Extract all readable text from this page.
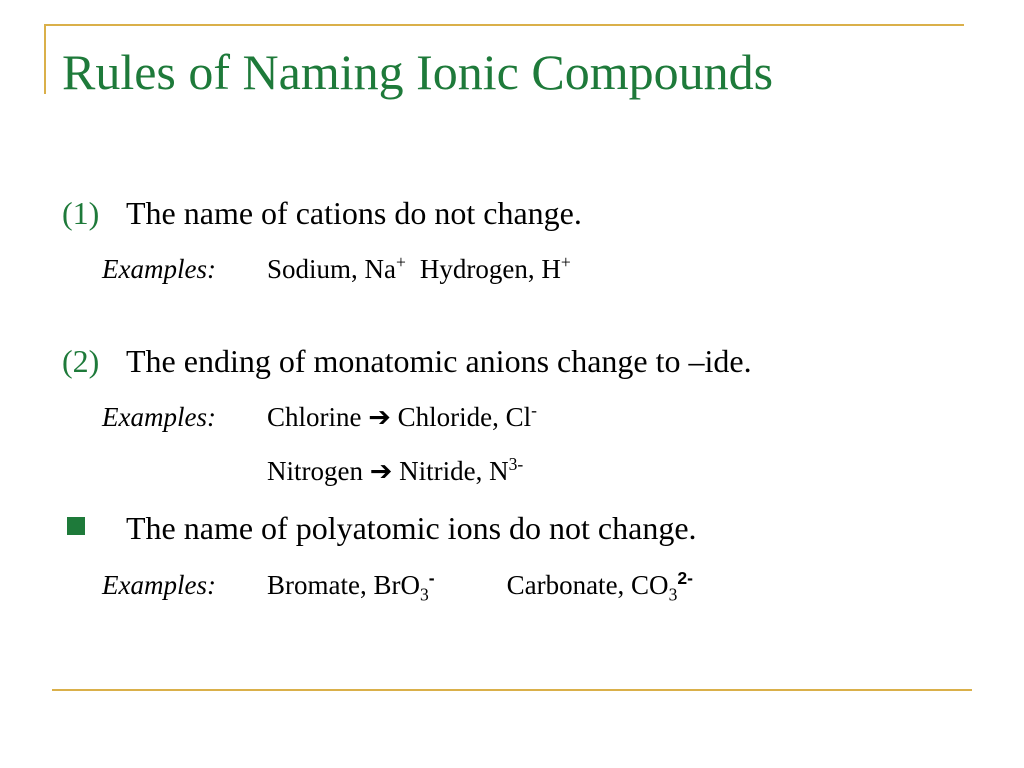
Rules of Naming Ionic Compounds
(1) The name of cations do not change.
Examples: Sodium, Na+ Hydrogen, H+
(2) The ending of monatomic anions change to –ide.
Examples: Chlorine ➔ Chloride, Cl-
Nitrogen ➔ Nitride, $N^{3-}$
The name of polyatomic ions do not change.
Examples: Bromate, BrO$_3$-	Carbonate, $CO_3^{2-}$
